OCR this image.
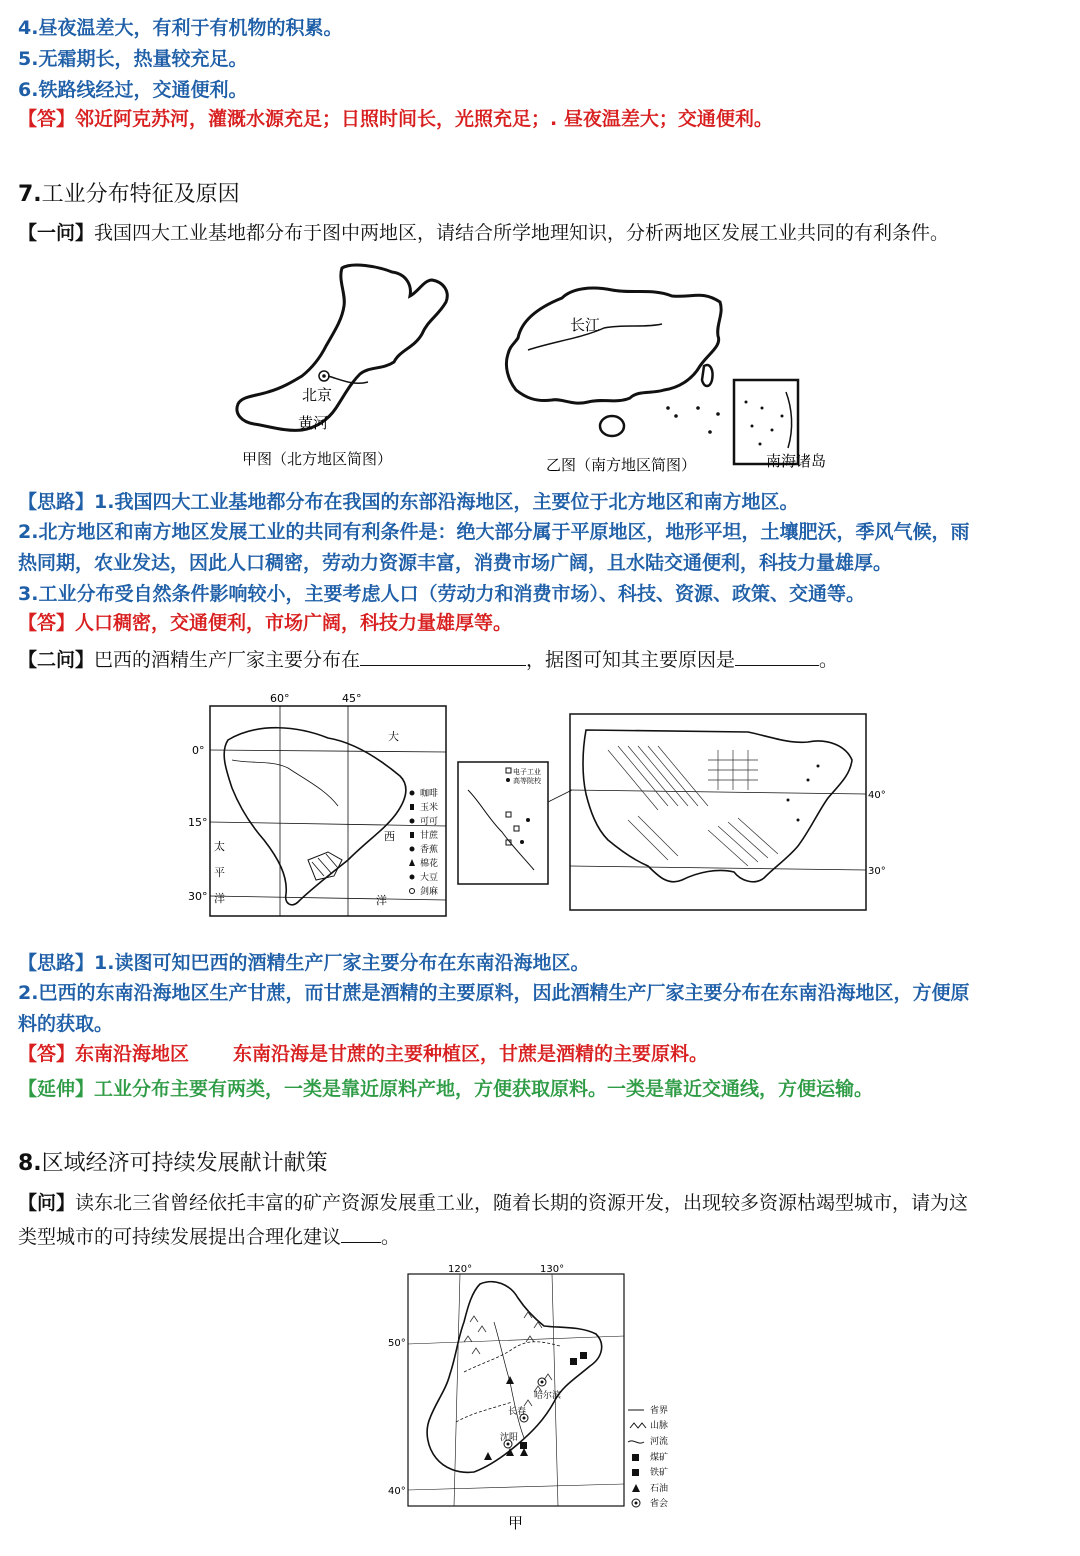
4.昼夜温差大，有利于有机物的积累。
5.无霜期长，热量较充足。
6.铁路线经过，交通便利。
【答】邻近阿克苏河，灌溉水源充足；日照时间长，光照充足；. 昼夜温差大；交通便利。
7.工业分布特征及原因
【一问】我国四大工业基地都分布于图中两地区，请结合所学地理知识，分析两地区发展工业共同的有利条件。
北京
黄河
甲图（北方地区简图）
长江
乙图（南方地区简图）	南海诸岛
【思路】1.我国四大工业基地都分布在我国的东部沿海地区，主要位于北方地区和南方地区。
2.北方地区和南方地区发展工业的共同有利条件是：绝大部分属于平原地区，地形平坦，土壤肥沃，季风气候，雨
热同期，农业发达，因此人口稠密，劳动力资源丰富，消费市场广阔，且水陆交通便利，科技力量雄厚。
3.工业分布受自然条件影响较小，主要考虑人口（劳动力和消费市场）、科技、资源、政策、交通等。
【答】人口稠密，交通便利，市场广阔，科技力量雄厚等。
【二问】巴西的酒精生产厂家主要分布在	，据图可知其主要原因是	。
60°	45°
0°
15°
30°
大
西
洋
太
平
洋
咖啡
玉米
可可
甘蔗
香蕉
棉花
大豆
剑麻
电子工业
高等院校
40°
30°
【思路】1.读图可知巴西的酒精生产厂家主要分布在东南沿海地区。
2.巴西的东南沿海地区生产甘蔗，而甘蔗是酒精的主要原料，因此酒精生产厂家主要分布在东南沿海地区，方便原
料的获取。
【答】东南沿海地区 东南沿海是甘蔗的主要种植区，甘蔗是酒精的主要原料。
【延伸】工业分布主要有两类，一类是靠近原料产地，方便获取原料。一类是靠近交通线，方便运输。
8.区域经济可持续发展献计献策
【问】读东北三省曾经依托丰富的矿产资源发展重工业，随着长期的资源开发，出现较多资源枯竭型城市，请为这
类型城市的可持续发展提出合理化建议 。
120°	130°
50°
40°
哈尔滨
长春
沈阳
省界
山脉
河流
煤矿
铁矿
石油
省会
甲
